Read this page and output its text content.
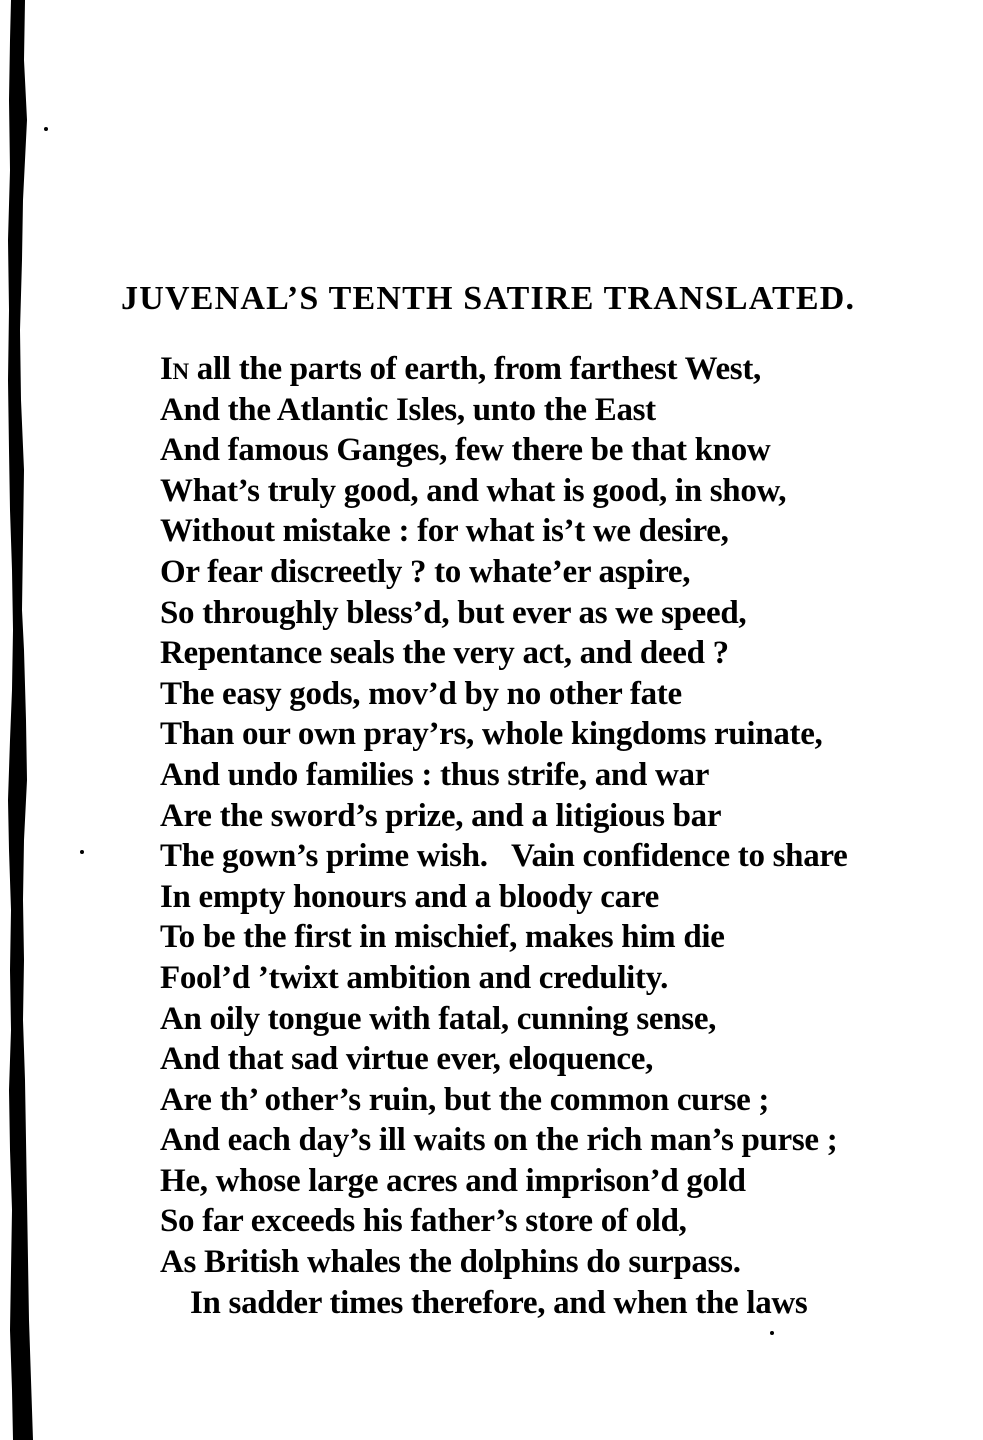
JUVENAL’S TENTH SATIRE TRANSLATED.
In all the parts of earth, from farthest West,
And the Atlantic Isles, unto the East
And famous Ganges, few there be that know
What’s truly good, and what is good, in show,
Without mistake : for what is’t we desire,
Or fear discreetly ? to whate’er aspire,
So throughly bless’d, but ever as we speed,
Repentance seals the very act, and deed ?
The easy gods, mov’d by no other fate
Than our own pray’rs, whole kingdoms ruinate,
And undo families : thus strife, and war
Are the sword’s prize, and a litigious bar
The gown’s prime wish.   Vain confidence to share
In empty honours and a bloody care
To be the first in mischief, makes him die
Fool’d ’twixt ambition and credulity.
An oily tongue with fatal, cunning sense,
And that sad virtue ever, eloquence,
Are th’ other’s ruin, but the common curse ;
And each day’s ill waits on the rich man’s purse ;
He, whose large acres and imprison’d gold
So far exceeds his father’s store of old,
As British whales the dolphins do surpass.
In sadder times therefore, and when the laws
